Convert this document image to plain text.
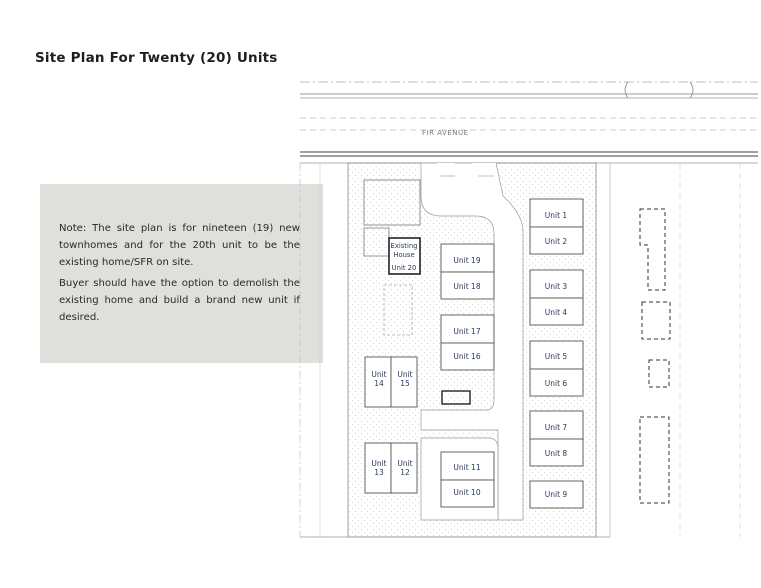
Site Plan For Twenty (20) Units

Note: The site plan is for nineteen (19) new townhomes and for the 20th unit to be the existing home/SFR on site.

Buyer should have the option to demolish the existing home and build a brand new unit if desired.

FIR AVENUE
Unit 1
Unit 2
Unit 3
Unit 4
Unit 5
Unit 6
Unit 7
Unit 8
Unit 9
Unit 19
Unit 18
Unit 17
Unit 16
Unit 11
Unit 10
Unit
14
Unit
15
Unit
13
Unit
12
Existing
House
Unit 20
